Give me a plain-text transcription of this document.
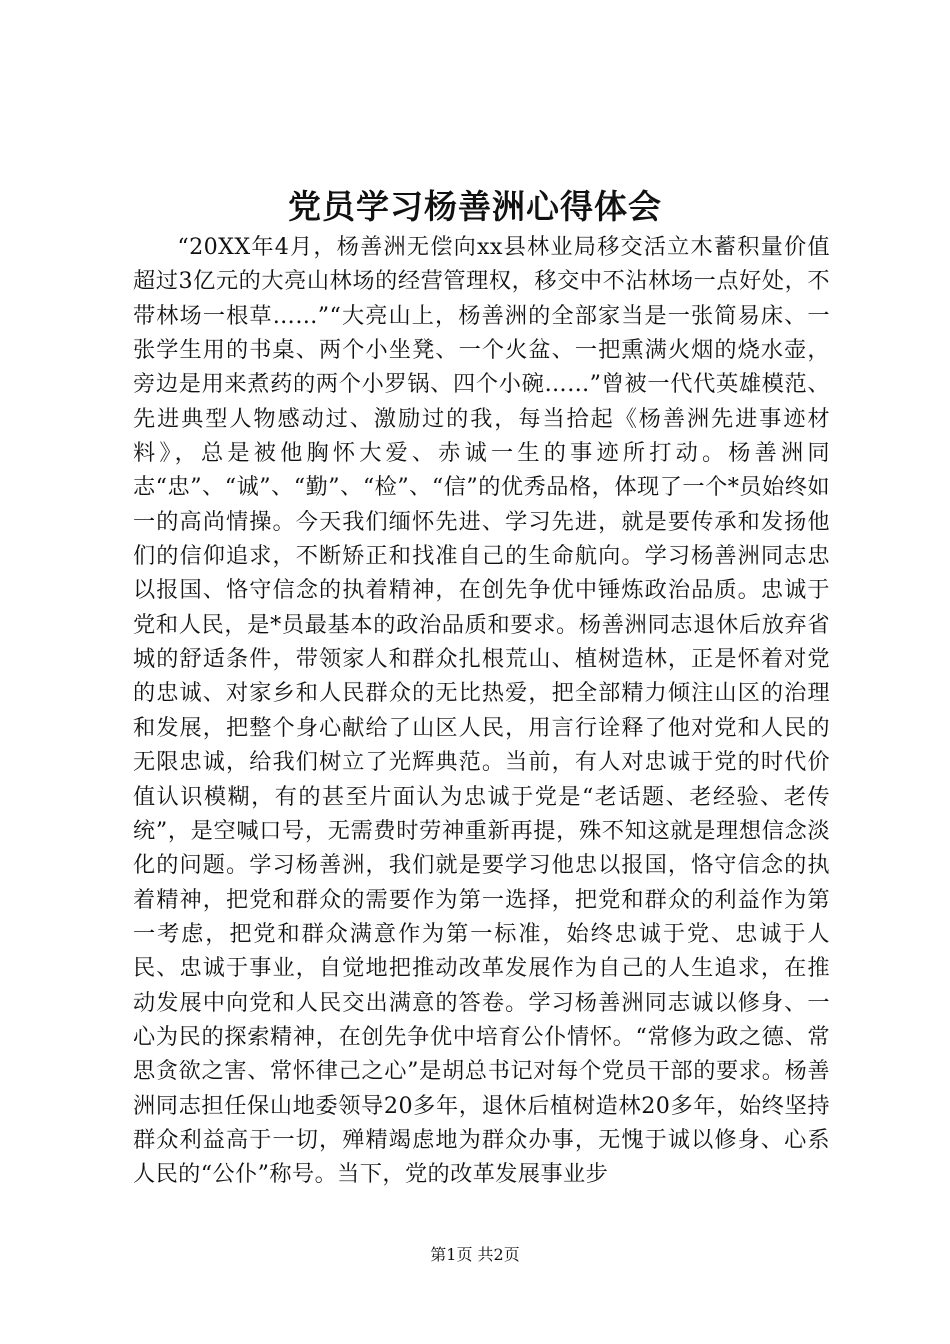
党员学习杨善洲心得体会

“20XX年4月，杨善洲无偿向xx县林业局移交活立木蓄积量价值超过3亿元的大亮山林场的经营管理权，移交中不沾林场一点好处，不带林场一根草……”“大亮山上，杨善洲的全部家当是一张简易床、一张学生用的书桌、两个小坐凳、一个火盆、一把熏满火烟的烧水壶，旁边是用来煮药的两个小罗锅、四个小碗……”曾被一代代英雄模范、先进典型人物感动过、激励过的我，每当拾起《杨善洲先进事迹材料》，总是被他胸怀大爱、赤诚一生的事迹所打动。杨善洲同志“忠”、“诚”、“勤”、“检”、“信”的优秀品格，体现了一个*员始终如一的高尚情操。今天我们缅怀先进、学习先进，就是要传承和发扬他们的信仰追求，不断矫正和找准自己的生命航向。学习杨善洲同志忠以报国、恪守信念的执着精神，在创先争优中锤炼政治品质。忠诚于党和人民，是*员最基本的政治品质和要求。杨善洲同志退休后放弃省城的舒适条件，带领家人和群众扎根荒山、植树造林，正是怀着对党的忠诚、对家乡和人民群众的无比热爱，把全部精力倾注山区的治理和发展，把整个身心献给了山区人民，用言行诠释了他对党和人民的无限忠诚，给我们树立了光辉典范。当前，有人对忠诚于党的时代价值认识模糊，有的甚至片面认为忠诚于党是“老话题、老经验、老传统”，是空喊口号，无需费时劳神重新再提，殊不知这就是理想信念淡化的问题。学习杨善洲，我们就是要学习他忠以报国，恪守信念的执着精神，把党和群众的需要作为第一选择，把党和群众的利益作为第一考虑，把党和群众满意作为第一标准，始终忠诚于党、忠诚于人民、忠诚于事业，自觉地把推动改革发展作为自己的人生追求，在推动发展中向党和人民交出满意的答卷。学习杨善洲同志诚以修身、一心为民的探索精神，在创先争优中培育公仆情怀。“常修为政之德、常思贪欲之害、常怀律己之心”是胡总书记对每个党员干部的要求。杨善洲同志担任保山地委领导20多年，退休后植树造林20多年，始终坚持群众利益高于一切，殚精竭虑地为群众办事，无愧于诚以修身、心系人民的“公仆”称号。当下，党的改革发展事业步

第1页 共2页
